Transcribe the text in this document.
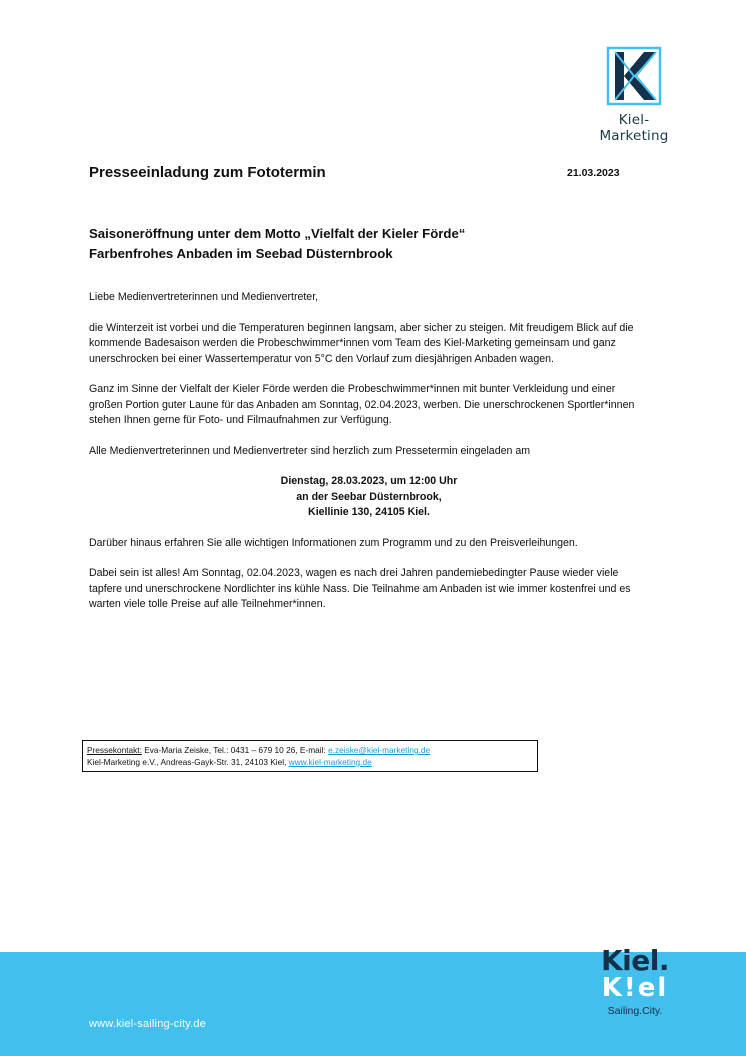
Kiel-Marketing
Presseeinladung zum Fototermin	21.03.2023
Saisoneröffnung unter dem Motto „Vielfalt der Kieler Förde“
Farbenfrohes Anbaden im Seebad Düsternbrook

Liebe Medienvertreterinnen und Medienvertreter,

die Winterzeit ist vorbei und die Temperaturen beginnen langsam, aber sicher zu steigen. Mit freudigem Blick auf die kommende Badesaison werden die Probeschwimmer*innen vom Team des Kiel-Marketing gemeinsam und ganz unerschrocken bei einer Wassertemperatur von 5°C den Vorlauf zum diesjährigen Anbaden wagen.

Ganz im Sinne der Vielfalt der Kieler Förde werden die Probeschwimmer*innen mit bunter Verkleidung und einer großen Portion guter Laune für das Anbaden am Sonntag, 02.04.2023, werben. Die unerschrockenen Sportler*innen stehen Ihnen gerne für Foto- und Filmaufnahmen zur Verfügung.

Alle Medienvertreterinnen und Medienvertreter sind herzlich zum Pressetermin eingeladen am

Dienstag, 28.03.2023, um 12:00 Uhr
an der Seebar Düsternbrook,
Kiellinie 130, 24105 Kiel.

Darüber hinaus erfahren Sie alle wichtigen Informationen zum Programm und zu den Preisverleihungen.

Dabei sein ist alles! Am Sonntag, 02.04.2023, wagen es nach drei Jahren pandemiebedingter Pause wieder viele tapfere und unerschrockene Nordlichter ins kühle Nass. Die Teilnahme am Anbaden ist wie immer kostenfrei und es warten viele tolle Preise auf alle Teilnehmer*innen.

Pressekontakt: Eva-Maria Zeiske, Tel.: 0431 – 679 10 26, E-mail: e.zeiske@kiel-marketing.de
Kiel-Marketing e.V., Andreas-Gayk-Str. 31, 24103 Kiel, www.kiel-marketing.de
www.kiel-sailing-city.de
Kiel.
K!el
Sailing.City.
